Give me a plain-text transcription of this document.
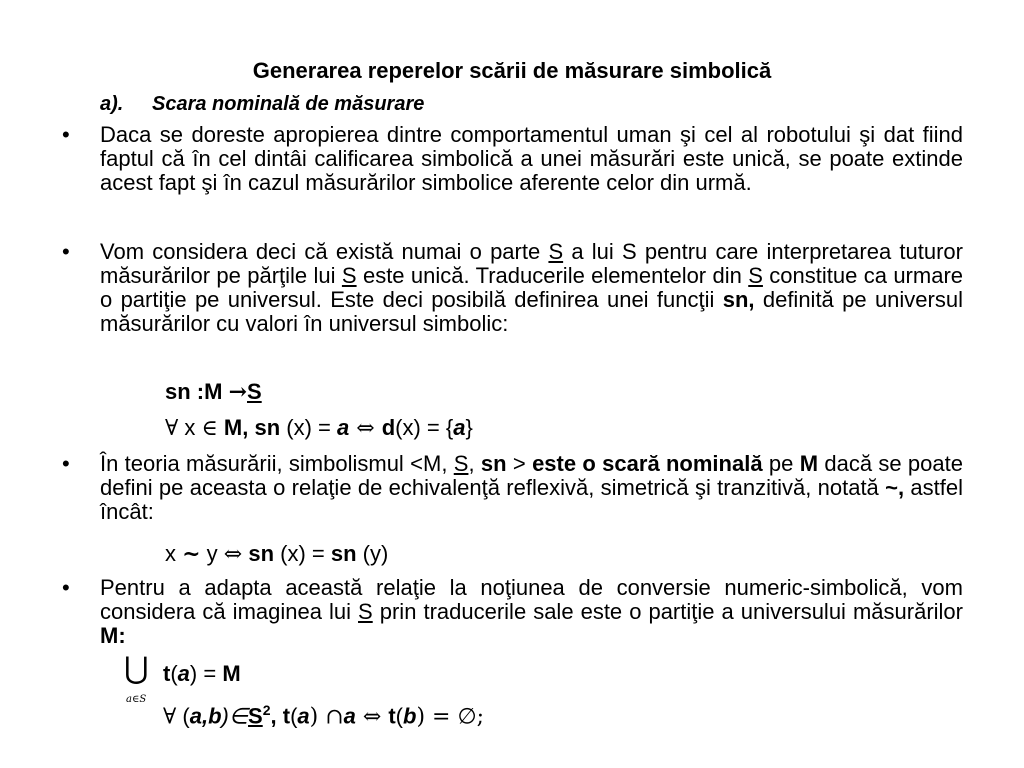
Generarea reperelor scării de măsurare simbolică
a). Scara nominală de măsurare
• Daca se doreste apropierea dintre comportamentul uman şi cel al robotului şi dat fiind faptul că în cel dintâi calificarea simbolică a unei măsurări este unică, se poate extinde acest fapt şi în cazul măsurărilor simbolice aferente celor din urmă.
• Vom considera deci că există numai o parte S a lui S pentru care interpretarea tuturor măsurărilor pe părţile lui S este unică. Traducerile elementelor din S constitue ca urmare o partiţie pe universul. Este deci posibilă definirea unei funcţii sn, definită pe universul măsurărilor cu valori în universul simbolic:
sn :M →S
∀ x ∈ M, sn (x) = a ⇔ d(x) = {a}
• În teoria măsurării, simbolismul <M, S, sn > este o scară nominală pe M dacă se poate defini pe aceasta o relaţie de echivalenţă reflexivă, simetrică şi tranzitivă, notată ~, astfel încât:
x ~ y ⇔ sn (x) = sn (y)
• Pentru a adapta această relaţie la noţiunea de conversie numeric-simbolică, vom considera că imaginea lui S prin traducerile sale este o partiţie a universului măsurărilor M:
⋃
a∈S
t(a) = M
∀ $(a,b)\in S^2$, t(a) ∩a ⇔ t(b) = ∅;
